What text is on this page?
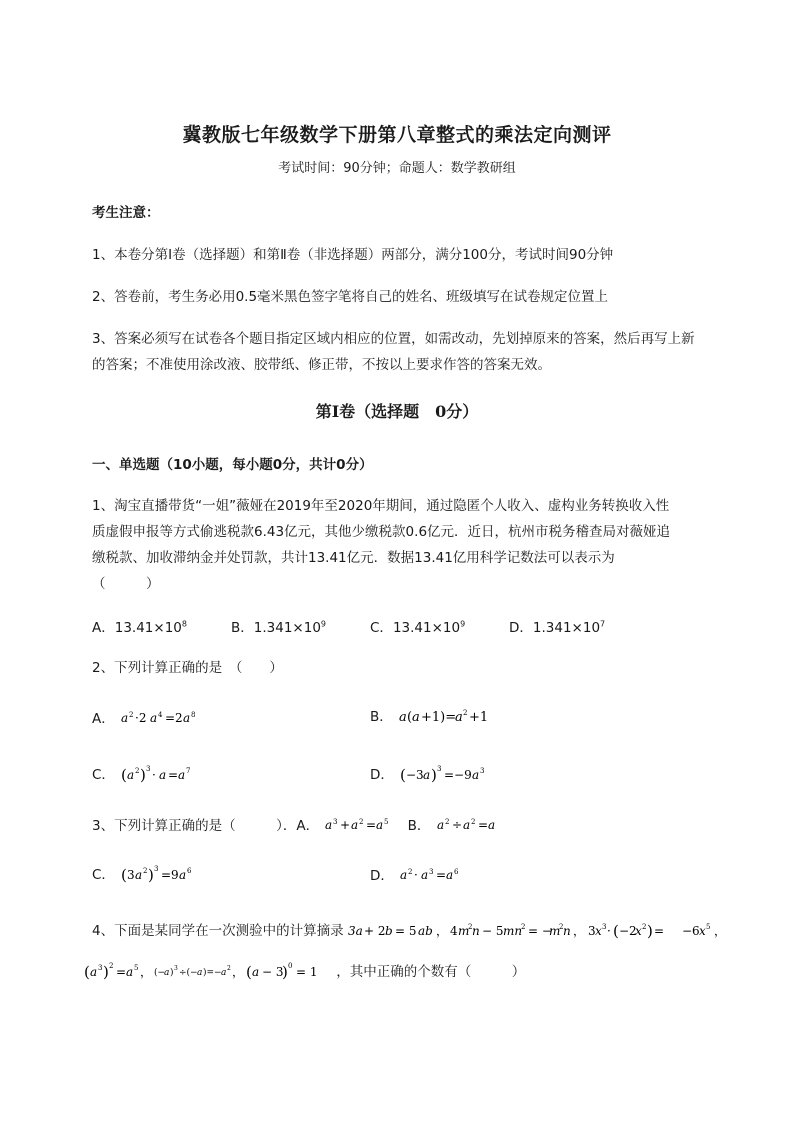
冀教版七年级数学下册第八章整式的乘法定向测评
考试时间：90分钟；命题人：数学教研组
考生注意：
1、本卷分第I卷（选择题）和第Ⅱ卷（非选择题）两部分，满分100分，考试时间90分钟
2、答卷前，考生务必用0.5毫米黑色签字笔将自己的姓名、班级填写在试卷规定位置上
3、答案必须写在试卷各个题目指定区域内相应的位置，如需改动，先划掉原来的答案，然后再写上新
的答案；不准使用涂改液、胶带纸、修正带，不按以上要求作答的答案无效。
第I卷（选择题　0分）
一、单选题（10小题，每小题0分，共计0分）
1、淘宝直播带货“一姐”薇娅在2019年至2020年期间，通过隐匿个人收入、虚构业务转换收入性
质虚假申报等方式偷逃税款6.43亿元，其他少缴税款0.6亿元．近日，杭州市税务稽查局对薇娅追
缴税款、加收滞纳金并处罚款，共计13.41亿元．数据13.41亿用科学记数法可以表示为
（　　　）
A．$13.41\times 10^8$	B．$1.341\times 10^9$	C．$13.41\times 10^9$	D．$1.341\times 10^7$
2、下列计算正确的是　（　　）
A． a 2 ·2 a 4 =2 a 8	B． a ( a +1)=
a 2 +1
C． ( a 2 ) 3 · a = a 7	D． ( −3 a ) 3 =−9 a 3
3、下列计算正确的是（　　　）．A． a 3 + a 2 = a 5 B． a 2 ÷ a 2 = a
C． ( 3 a 2 ) 3 =9 a 6	D． a 2 · a 3 = a 6
4、下面是某同学在一次测验中的计算摘录 3a + 2 b = 5 ab ， 4 m
2 n − 5 mn
2 = −
m
2 n ， 3 x 3 · ( −2
x 2 ) =
−6 x 5 ，
( a 3 ) 2 = a 5 ， (−
a ) 3 ÷(− a )=− a 2 ， ( a − 3
) 0 = 1 ，其中正确的个数有（　　　）
